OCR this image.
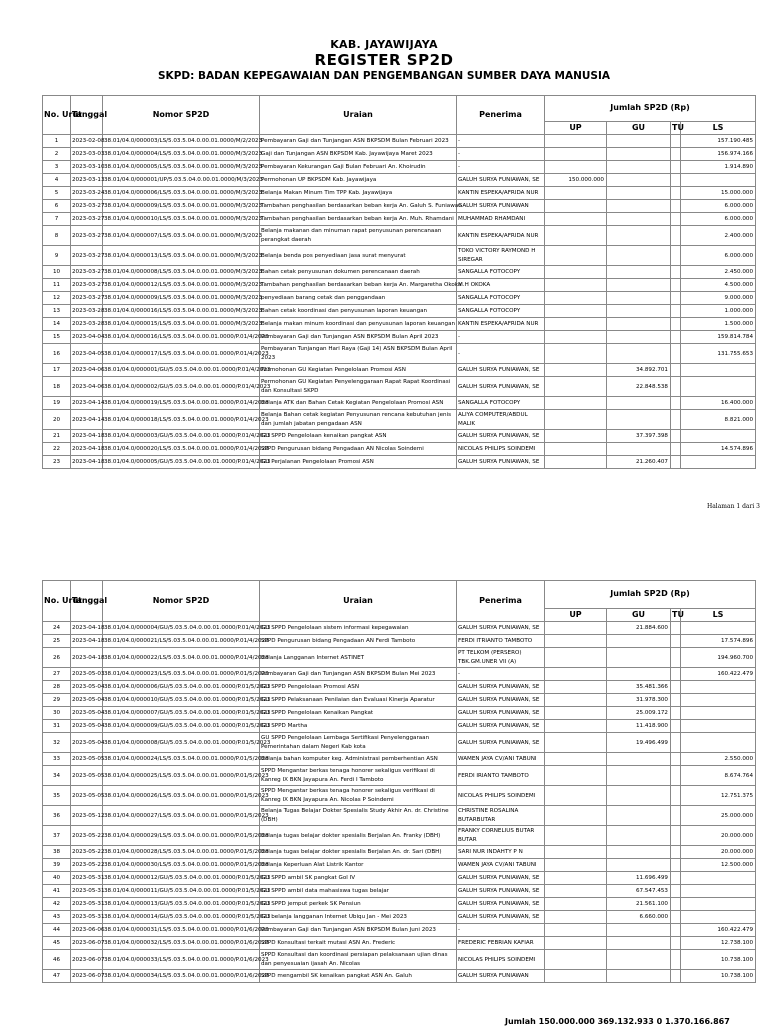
KAB. JAYAWIJAYA
REGISTER SP2D
SKPD: BADAN KEPEGAWAIAN DAN PENGEMBANGAN SUMBER DAYA MANUSIA
No. Urut	Tanggal	Nomor SP2D	Uraian	Penerima	Jumlah SP2D (Rp)			
					UP	GU	TU	LS
1	2023-02-08	38.01/04.0/000003/LS/5.03.5.04.0.00.01.0000/M/2/2023	Pembayaran Gaji dan Tunjangan ASN BKPSDM Bulan Februari 2023	-				157.190.485
2	2023-03-03	38.01/04.0/000004/LS/5.03.5.04.0.00.01.0000/M/3/2023	Gaji dan Tunjangan ASN BKPSDM Kab. Jayawijaya Maret 2023	-				156.974.166
3	2023-03-10	38.01/04.0/000005/LS/5.03.5.04.0.00.01.0000/M/3/2023	Pembayaran Kekurangan Gaji Bulan Februari An. Khoirudin	-				1.914.890
4	2023-03-13	38.01/04.0/000001/UP/5.03.5.04.0.00.01.0000/M/3/2023	Permohonan UP BKPSDM Kab. Jayawijaya	GALUH SURYA FUNIAWAN, SE	150.000.000			
5	2023-03-24	38.01/04.0/000006/LS/5.03.5.04.0.00.01.0000/M/3/2023	Belanja Makan Minum Tim TPP Kab. Jayawijaya	KANTIN ESPEKA/AFRIDA NUR				15.000.000
6	2023-03-27	38.01/04.0/000009/LS/5.03.5.04.0.00.01.0000/M/3/2023	Tambahan penghasilan berdasarkan beban kerja An. Galuh S. Funiawan	GALUH SURYA FUNIAWAN				6.000.000
7	2023-03-27	38.01/04.0/000010/LS/5.03.5.04.0.00.01.0000/M/3/2023	Tambahan penghasilan berdasarkan beban kerja An. Muh. Rhamdani	MUHAMMAD RHAMDANI				6.000.000
8	2023-03-27	38.01/04.0/000007/LS/5.03.5.04.0.00.01.0000/M/3/2023	Belanja makanan dan minuman rapat penyusunan perencanaan perangkat daerah	KANTIN ESPEKA/AFRIDA NUR				2.400.000
9	2023-03-27	38.01/04.0/000013/LS/5.03.5.04.0.00.01.0000/M/3/2023	Belanja benda pos penyediaan jasa surat menyurat	TOKO VICTORY RAYMOND H SIREGAR				6.000.000
10	2023-03-27	38.01/04.0/000008/LS/5.03.5.04.0.00.01.0000/M/3/2023	Bahan cetak penyusunan dokumen perencanaan daerah	SANGALLA FOTOCOPY				2.450.000
11	2023-03-27	38.01/04.0/000012/LS/5.03.5.04.0.00.01.0000/M/3/2023	Tambahan penghasilan berdasarkan beban kerja An. Margaretha Okoka	M.H OKOKA				4.500.000
12	2023-03-27	38.01/04.0/000009/LS/5.03.5.04.0.00.01.0000/M/3/2023	penyediaan barang cetak dan penggandaan	SANGALLA FOTOCOPY				9.000.000
13	2023-03-28	38.01/04.0/000016/LS/5.03.5.04.0.00.01.0000/M/3/2023	Bahan cetak koordinasi dan penyusunan laporan keuangan	SANGALLA FOTOCOPY				1.000.000
14	2023-03-28	38.01/04.0/000015/LS/5.03.5.04.0.00.01.0000/M/3/2023	Belanja makan minum koordinasi dan penyusunan laporan keuangan	KANTIN ESPEKA/AFRIDA NUR				1.500.000
15	2023-04-04	38.01/04.0/000016/LS/5.03.5.04.0.00.01.0000/P.01/4/2023	Pembayaran Gaji dan Tunjangan ASN BKPSDM Bulan April 2023	-				159.814.784
16	2023-04-05	38.01/04.0/000017/LS/5.03.5.04.0.00.01.0000/P.01/4/2023	Pembayaran Tunjangan Hari Raya (Gaji 14) ASN BKPSDM Bulan April 2023	-				131.755.653
17	2023-04-06	38.01/04.0/000001/GU/5.03.5.04.0.00.01.0000/P.01/4/2023	Permohonan GU Kegiatan Pengelolaan Promosi ASN	GALUH SURYA FUNIAWAN, SE		34.892.701		
18	2023-04-06	38.01/04.0/000002/GU/5.03.5.04.0.00.01.0000/P.01/4/2023	Permohonan GU Kegiatan Penyelenggaraan Rapat Rapat Koordinasi dan Konsultasi SKPD	GALUH SURYA FUNIAWAN, SE		22.848.538		
19	2023-04-14	38.01/04.0/000019/LS/5.03.5.04.0.00.01.0000/P.01/4/2023	Belanja ATK dan Bahan Cetak Kegiatan Pengelolaan Promosi ASN	SANGALLA FOTOCOPY				16.400.000
20	2023-04-14	38.01/04.0/000018/LS/5.03.5.04.0.00.01.0000/P.01/4/2023	Belanja Bahan cetak kegiatan Penyusunan rencana kebutuhan jenis dan jumlah jabatan pengadaan ASN	ALIYA COMPUTER/ABDUL MALIK				8.821.000
21	2023-04-18	38.01/04.0/000003/GU/5.03.5.04.0.00.01.0000/P.01/4/2023	GU SPPD Pengelolaan kenaikan pangkat ASN	GALUH SURYA FUNIAWAN, SE		37.397.398		
22	2023-04-18	38.01/04.0/000020/LS/5.03.5.04.0.00.01.0000/P.01/4/2023	SPPD Pengurusan bidang Pengadaan AN Nicolas Soindemi	NICOLAS PHILIPS SOINDEMI				14.574.896
23	2023-04-18	38.01/04.0/000005/GU/5.03.5.04.0.00.01.0000/P.01/4/2023	GU Perjalanan Pengelolaan Promosi ASN	GALUH SURYA FUNIAWAN, SE		21.260.407		
Halaman 1 dari 3
No. Urut	Tanggal	Nomor SP2D	Uraian	Penerima	Jumlah SP2D (Rp)			
					UP	GU	TU	LS
24	2023-04-18	38.01/04.0/000004/GU/5.03.5.04.0.00.01.0000/P.01/4/2023	GU SPPD Pengelolaan sistem informasi kepegawaian	GALUH SURYA FUNIAWAN, SE		21.884.600		
25	2023-04-18	38.01/04.0/000021/LS/5.03.5.04.0.00.01.0000/P.01/4/2023	SPPD Pengurusan bidang Pengadaan AN Ferdi Tamboto	FERDI ITRIANTO TAMBOTO				17.574.896
26	2023-04-18	38.01/04.0/000022/LS/5.03.5.04.0.00.01.0000/P.01/4/2023	Belanja Langganan Internet ASTINET	PT TELKOM (PERSERO) TBK.GM.UNER VII (A)				194.960.700
27	2023-05-03	38.01/04.0/000023/LS/5.03.5.04.0.00.01.0000/P.01/5/2023	Pembayaran Gaji dan Tunjangan ASN BKPSDM Bulan Mei 2023	-				160.422.479
28	2023-05-04	38.01/04.0/000006/GU/5.03.5.04.0.00.01.0000/P.01/5/2023	GU SPPD Pengelolaan Promosi ASN	GALUH SURYA FUNIAWAN, SE		35.481.366		
29	2023-05-04	38.01/04.0/000010/GU/5.03.5.04.0.00.01.0000/P.01/5/2023	GU SPPD Pelaksanaan Penilaian dan Evaluasi Kinerja Aparatur	GALUH SURYA FUNIAWAN, SE		31.978.300		
30	2023-05-04	38.01/04.0/000007/GU/5.03.5.04.0.00.01.0000/P.01/5/2023	GU SPPD Pengelolaan Kenaikan Pangkat	GALUH SURYA FUNIAWAN, SE		25.009.172		
31	2023-05-04	38.01/04.0/000009/GU/5.03.5.04.0.00.01.0000/P.01/5/2023	GU SPPD Martha	GALUH SURYA FUNIAWAN, SE		11.418.900		
32	2023-05-04	38.01/04.0/000008/GU/5.03.5.04.0.00.01.0000/P.01/5/2023	GU SPPD Pengelolaan Lembaga Sertifikasi Penyelenggaraan Pemerintahan dalam Negeri Kab kota	GALUH SURYA FUNIAWAN, SE		19.496.499		
33	2023-05-05	38.01/04.0/000024/LS/5.03.5.04.0.00.01.0000/P.01/5/2023	Belanja bahan komputer keg. Administrasi pemberhentian ASN	WAMEN JAYA CV/ANI TABUNI				2.550.000
34	2023-05-05	38.01/04.0/000025/LS/5.03.5.04.0.00.01.0000/P.01/5/2023	SPPD Mengantar berkas tenaga honorer sekaligus verifikasi di Kanreg IX BKN Jayapura An. Ferdi I Tamboto	FERDI IRIANTO TAMBOTO				8.674.764
35	2023-05-05	38.01/04.0/000026/LS/5.03.5.04.0.00.01.0000/P.01/5/2023	SPPD Mengantar berkas tenaga honorer sekaligus verifikasi di Kanreg IX BKN Jayapura An. Nicolas P Soindemi	NICOLAS PHILIPS SOINDEMI				12.751.375
36	2023-05-12	38.01/04.0/000027/LS/5.03.5.04.0.00.01.0000/P.01/5/2023	Belanja Tugas Belajar Dokter Spesialis Study Akhir An. dr. Christine (DBH)	CHRISTINE ROSALINA BUTARBUTAR				25.000.000
37	2023-05-22	38.01/04.0/000029/LS/5.03.5.04.0.00.01.0000/P.01/5/2023	Belanja tugas belajar dokter spesialis Berjalan An. Franky (DBH)	FRANKY CORNELIUS BUTAR BUTAR				20.000.000
38	2023-05-22	38.01/04.0/000028/LS/5.03.5.04.0.00.01.0000/P.01/5/2023	Belanja tugas belajar dokter spesialis Berjalan An. dr. Sari (DBH)	SARI NUR INDAHTY P N				20.000.000
39	2023-05-22	38.01/04.0/000030/LS/5.03.5.04.0.00.01.0000/P.01/5/2023	Belanja Keperluan Alat Listrik Kantor	WAMEN JAYA CV/ANI TABUNI				12.500.000
40	2023-05-31	38.01/04.0/000012/GU/5.03.5.04.0.00.01.0000/P.01/5/2023	GU SPPD ambil SK pangkat Gol IV	GALUH SURYA FUNIAWAN, SE		11.696.499		
41	2023-05-31	38.01/04.0/000011/GU/5.03.5.04.0.00.01.0000/P.01/5/2023	GU SPPD ambil data mahasiswa tugas belajar	GALUH SURYA FUNIAWAN, SE		67.547.453		
42	2023-05-31	38.01/04.0/000013/GU/5.03.5.04.0.00.01.0000/P.01/5/2023	GU SPPD jemput perkek SK Pensiun	GALUH SURYA FUNIAWAN, SE		21.561.100		
43	2023-05-31	38.01/04.0/000014/GU/5.03.5.04.0.00.01.0000/P.01/5/2023	GU belanja langganan Internet Ubiqu Jan - Mei 2023	GALUH SURYA FUNIAWAN, SE		6.660.000		
44	2023-06-06	38.01/04.0/000031/LS/5.03.5.04.0.00.01.0000/P.01/6/2023	Pembayaran Gaji dan Tunjangan ASN BKPSDM Bulan Juni 2023	-				160.422.479
45	2023-06-07	38.01/04.0/000032/LS/5.03.5.04.0.00.01.0000/P.01/6/2023	SPPD Konsultasi terkait mutasi ASN An. Frederic	FREDERIC FEBRIAN KAFIAR				12.738.100
46	2023-06-07	38.01/04.0/000033/LS/5.03.5.04.0.00.01.0000/P.01/6/2023	SPPD Konsultasi dan koordinasi persiapan pelaksanaan ujian dinas dan penyesuaian ijasah An. Nicolas	NICOLAS PHILIPS SOINDEMI				10.738.100
47	2023-06-07	38.01/04.0/000034/LS/5.03.5.04.0.00.01.0000/P.01/6/2023	SPPD mengambil SK kenaikan pangkat ASN An. Galuh	GALUH SURYA FUNIAWAN				10.738.100
Jumlah 150.000.000 369.132.933 0 1.370.166.867
